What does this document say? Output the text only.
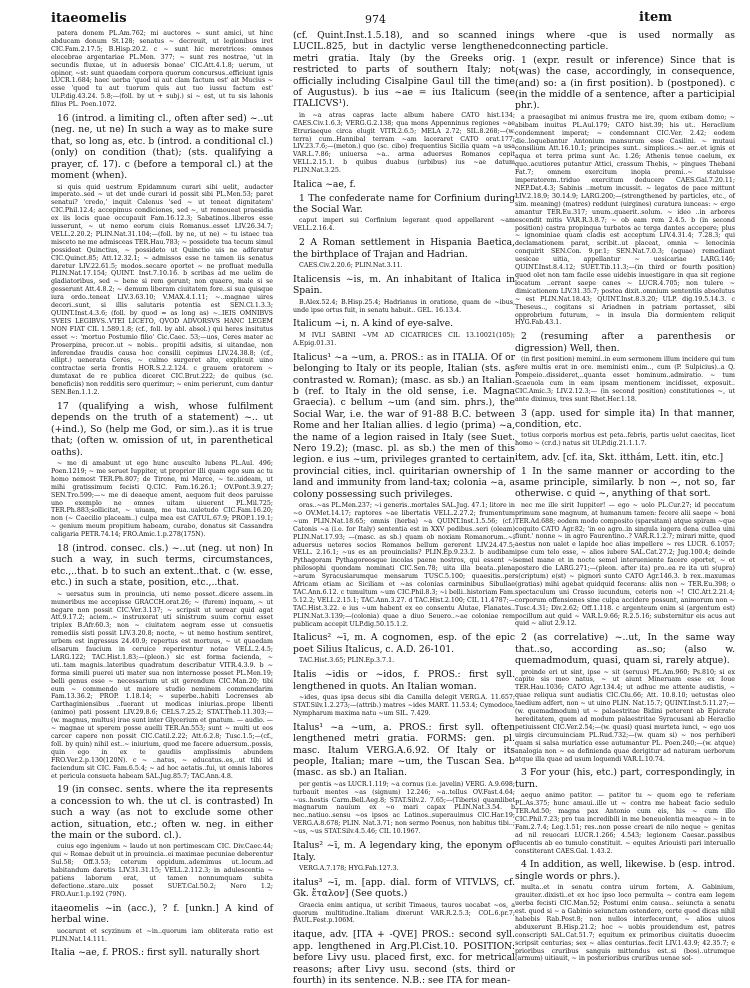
itaeomelis	974	item

patera donem PL.Am.762; mi auctores ~ sunt amici, ut hinc abducam donum St.128; senatus ~ decreuit, ut legionibus iret CIC.Fam.2.17.5; B.Hisp.20.2. c ~ sunt hic meretrices: omnes elecebrae argentariae PL.Men. 377; ~ sunt res nostrae, 'ut in secundis fluxae, ut in aduersis bonae' CIC.Att.4.1.8; uerum, ut opinor, ~st: sunt quaedam corpora quorum concursus..efficiunt ignis LUCR.1.684; haec uerba 'quod ui aut clam factum est' ait Mucius ~ esse 'quod tu aut tuorum quis aut tuo iussu factum est' ULP.dig.43.24. 5.8;—(foll. by ut + subj.) si ~ est, ut tu sis lahonis filius PL. Poen.1072.

16 (introd. a limiting cl., often after sed) ~..ut (neg. ne, ut ne) In such a way as to make sure that, so long as, etc. b (introd. a conditional cl.) (only) on condition (that); (sts. qualifying a prayer, cf. 17). c (before a temporal cl.) at the moment (when).

si quis quid uestrum Epidamnum curari sibi uelit, audacter imperato..sed ~ ut det unde curari id possit sibi PL.Men.53; paret senatui? 'credo,' inquit Calenus 'sed ~ ut teneat dignitatem' CIC.Phil.12.4; accepimus condiciones, sed ~, ut remoueat praesidia ex iis locis quae occupauit Fam.16.12.3; Sabatinos..liberos esse iusserunt, ~ ut nemo eorum ciuis Romanus..esset LIV.26.34.7; VELL.2.20.2; PLIN.Nat.31.104;—(foll. by ne, ut ne) ~ tu istaec tua misceto ne me admisceas TER.Hau.783; ~ possidete tua tecum simul possideat Quinctius, ~ possideto ut Quinctio uis ne adferatur CIC.Quinct.85; Att.12.32.1; ~ admissos esse ne tamen iis senatus daretur LIV.22.61.5; modos..secare oportet ~ ne profluat medulla PLIN.Nat.17.154; QUINT. Inst.7.10.16. b scribas ad me uelim de gladiatoribus, sed ~ bene si rem gerunt; non quaero, male si se gesserunt Att.4.8.2; ~ demum liberam ciuitatem fore..si sua quisque iura ordo..teneat LIV.3.63.10; V.MAX.4.1.11; ~..magnae uires decori..sunt, si illis salutaris potentia est SEN.Cl.1.3.3; QUINT.Inst.4.3.6; (foll. by quod = as long as) ~..IEIS OMNIBVS SVEIS LEGIBVS..VTEI LICETO, QVOD ADVORSVS HANC LEGEM NON FIAT CIL 1.589.1.8; (cf., foll. by abl. absol.) qui heres insitutus esset ~: 'mortuo Postumio filio' Cic.Caec. 53;—uos, Ceres mater ac Proserpina, precor..ut ~ nobis.. propitii adsitis, si uitandae, non inferendae fraudis causa hoc consilii cepimus LIV.24.38.8; (cf., ellipt.) uenerata Ceres, ~ culmo surgeret alto, explicuit uino contractae seria frontis HOR.S.2.2.124. c grauem oratorem ~ dumtaxat de re publica diceret CIC.Brut.222; de quibus (sc. beneficiis) non redditis sero querimur; ~ enim perierunt, cum dantur SEN.Ben.1.1.2.

17 (qualifying a wish, whose fulfilment depends on the truth of a statement) ~.. ut (+ind.), So (help me God, or sim.)..as it is true that; (often w. omission of ut, in parenthetical oaths).

~ me di amabunt ut ego hunc ausculto lubens PL.Aul. 496; Poen.1219; ~ me seruet Iuppiter, ut proprior illi quam ego sum ac tu homo nemost TER.Ph.807; de Tirone, mi Marce, ~ te..uideam, ut mihi gratissimum fecisti Q.CIC. Fam.16.26.1; OV.Pont.3.9.27; SEN.Tro.599;—~ me di deaeque ament, aequom fuit deos paruisse uno exemplo ne omnes uitam uiuerent PL.Mil.725; TER.Ph.883;sollicitat, ~ uiuam, me tua..ualetudo CIC.Fam.16.20; non (~ Caecilio placeam..) culpa mea est CATUL.67.9; PROP.1.19.1; ~ genium meum propitium habeam, curabo, donatus sit Cassandra caligaria PETR.74.14; FRO.Amic.1.p.278(175N).

18 (introd. consec. cls.) ~..ut (neg. ut non) In such a way, in such terms, circumstances, etc.,..that. b to such an extent..that. c (w. esse, etc.) in such a state, position, etc.,..that.

~ uersatus sum in prouincia, uti nemo posset..dicere assem..in muneribus me accepisse GRACCH.orat.26; ~ (furem) inquam, ~ ut negare non possit CIC.Ver.3.137; ~ scripsit ut uerear quid agat Att.9.17.2; aciem..~ instruxerat uti sinistrum suum cornu esset triplex B.Afr.60.3; non ~ ciuitatem aegram esse ut consuetis remediis sisti possit LIV.3.20.8; nocte, ~ ut nemo hostium sentiret, urbem est ingressus 24.40.9; repertus est mortuus, ~ ut quaedam elisarum faucium in ceruice reperirentur notae VELL.2.4.5; LARG.122; TAC.Hist.1.83;—(pleon.) sic est forma facienda, ~ uti..tam magnis..lateribus quadratum describatur VITR.4.3.9. b ~ forma simili puerei uti mater sua non internosse posset PL.Men.19; belli genus esse ~ necessarium ut sit gerendum CIC.Man.20; tibi eum ~ commendo ut maiore studio neminem commendarim Fam.13.36.2; PROP. 1.18.14; ~ superbe..habiti Locrenses ab Carthaginiensibus ..fuerant ut modicas iniurias..prope libenti (animo) pati possent LIV.29.8.6; CELS.7.25.2; STAT.Theb.11.303;—(w. magnus, multus) irae sunt inter Glycerium et gnatum. — audio. — ~ magnae ut sperem posse auelli TER.An.553; sunt ~ multi ut eos carcer capere non possit CIC.Catil.2.22; Att.6.2.8; Tusc.1.5;—(cf., foll. by quin) nihil est..~ iniurium, quod me facere aduersum..possis, quin ego in ex te gaudiis amplissimis abundem FRO.Ver.2.p.130(120N). c ~ ..natus, ~ educatus..es,..ut tibi id faciendum sit CIC. Fam.6.5.4; ~ ad hoc aetatis..fui, ut omnis labores et pericula consueta habeam SAL.Jug.85.7; TAC.Ann.4.8.

19 (in consec. sents. where the ita represents a concession to wh. the ut cl. is contrasted) In such a way (as not to exclude some other action, situation, etc.; often w. neg. in either the main or the subord. cl.).

cuius ego ingenium ~ laudo ut non pertimescam CIC. Div.Caec.44; qui ~ Romae debuit ut in prouincia..ei maximae pecuniae deberentur Sul.58; Off.3.53; ceterum oppidum..ademimus ut..locum..ad habitandum daretis LIV.31.31.15; VELL.2.112.3; in adulescentia ~ patiens laborum erat, ut tamen nonnumquam subita defectione..stare..uix posset SUET.Cal.50.2; Nero 1.2; FRO.Aur.1.p.192 (79N).

itaeomelis ~in (acc.), ? f. [unkn.] A kind of herbal wine.

uocarunt et scyzinum et ~in..quorum iam obliterata ratio est PLIN.Nat.14.111.

Italia ~ae, f. PROS.: first syll. naturally short

(cf. Quint.Inst.1.5.18), and so scanned in LUCIL.825, but in dactylic verse lengthened metri gratia. Italy (by the Greeks orig. restricted to parts of southern Italy; not officially including Cisalpine Gaul till the time of Augustus). b ius ~ae = ius Italicum (see ITALICVS¹).

in ~a atras capras lacte album habere CATO hist.134; CAES.Civ.1.6.3; VERG.G.2.138; qua mons Appenninus regiones ~ae Etruriaeque circa elugit VITR.2.6.5; MELA 2.72; SIL.8.268;—(w. terra) cum..Hannibal terram ~am laceraret CATO orat.177; LIV.23.7.6;—(meton.) quo (sc. cibo) frequentius Sicilia quam ~a usa VAR.L.7.86; uniuersa ~a.. arma aduersus Romanos cepit VELL.2.15.1. b quibus duabus (urbibus) ius ~ae datum PLIN.Nat.3.25.

Italica ~ae, f.

1 The confederate name for Corfinium during the Social War.

caput imperi sui Corfinium legerant quod appellarent ~am VELL.2.16.4.

2 A Roman settlement in Hispania Baetica, the birthplace of Trajan and Hadrian.

CAES.Civ.2.20.6; PLIN.Nat.3.11.

Italicensis ~is, m. An inhabitant of Italica in Spain.

B.Alex.52.4; B.Hisp.25.4; Hadrianus in oratione, quam de ~ibus, unde ipse ortus fuit, in senatu habuit.. GEL. 16.13.4.

Italicum ~i, n. A kind of eye-salve.

M IVLI SABINI ~VM AD CICATRICES CIL 13.10021(105); A.Epig.01.31.

Italicus¹ ~a ~um, a. PROS.: as in ITALIA. Of or belonging to Italy or its people, Italian (sts. as contrasted w. Roman); (masc. as sb.) an Italian. b (ref. to Italy in the old sense, i.e. Magna Graecia). c bellum ~um (and sim. phrs.), the Social War, i.e. the war of 91-88 B.C. between Rome and her Italian allies. d legio (prima) ~a, the name of a legion raised in Italy (see Suet. Nero 19.2); (masc. pl. as sb.) the men of this legion. e ius ~um, privileges granted to certain provincial cities, incl. quiritarian ownership of land and immunity from land-tax; colonia ~a, a colony possessing such privileges.

oras..~as PL.Men.237; ~i generis..mortales SAL.Jug. 47.1; litore in ~o OV.Met.14.17; raptores ~ae libertatis VELL.2.27.2; frumentum ~um PLIN.Nat.18.65; omnis (herba) ~a QUINT.Inst.1.5.56; (cf.) Catonis ~a (i.e. for Italy) sententia est in XXV pedibus..seri (oleam) PLIN.Nat.17.93; —(masc. as sb.) quam ob noxiam Romanorum..~i aduersus ueteres socios Romanos bellum gererent LIV.24.47.5; VELL. 2.16.1; ~us es an prouincialis? PLIN.Ep.9.23.2. b audibam Pythagoram Pythagoreosque incolas paene nostros, qui essent ~i philosophi quondam nominati CIC.Sen.78; uita illa beata..plena ~arum Syracusiarumque mensarum TUSC.5.100; quaesitis..per Africam etiam ac Siciliam et ~as colonias carminibus Sibullae TAC.Ann.6.12. c tumultum ~um CIC.Phil.8.3; ~i belli..historiam Fam. 5.12.2; VELL.2.15.1; TAC.Ann.3.27. d TAC.Hist.2.100; CIL 11.4787;—TAC.Hist.3.22. e ius ~um habent ex eo consentu Alutae, Flanates.. PLIN.Nat.3.139;—(colonia) quae a diuo Seuero..~ae coloniae rem publicam accepit ULP.dig.50.15.1.2.

Italicus² ~ī, m. A cognomen, esp. of the epic poet Silius Italicus, c. A.D. 26-101.

TAC.Hist.3.65; PLIN.Ep.3.7.1.

Italis ~idis or ~idos, f. PROS.: first syll. lengthened in quots. An Italian woman.

~ides, quas ipsa decus sibi dia Camilla delegit VERG.A. 11.657; STAT.Silv.1.2.273;—(attrib.) matres ~ides MART. 11.53.4; Cymodoce, Nympharum maxima natu ~um SIL. 7.429.

Italus¹ ~a ~um, a. PROS.: first syll. often lengthened metri gratia. FORMS: gen. pl. masc. Italum VERG.A.6.92. Of Italy or its people, Italian; mare ~um, the Tuscan Sea. b (masc. as sb.) an Italian.

per gentis ~as LUCR.1.119; ~a cornus (i.e. javelin) VERG. A.9.698; turbauit mentes ~as (signum) 12.246; ~a..tellus OV.Fast.4.64; ~us..hostis Carm.Bell.Aeg.8; STAT.Silv.2. 7.65;—(Tiberis) quamlibet magnarum nauium ex ~o mari capax PLIN.Nat.3.54. b nec..natiuo..sensu ~os ipsos ac Latinos..superauimus CIC.Har.19; VERG.A.8.678; PLIN. Nat.3.71; non sermo Poenus, non habitus tibi..; ~us, ~us STAT.Silv.4.5.46; CIL 10.1967.

Italus² ~ī, m. A legendary king, the eponym of Italy.

VERG.A.7.178; HYG.Fab.127.3.

italus³ ~ī, m. [app. dial. form of VITVLVS, cf. Gk. ἔταλον] (See quots.)

Graecia enim antiqua, ut scribit Timaeus, tauros uocabat ~os, a quorum multitudine..Italiam dixerunt VAR.R.2.5.3; COL.6.pr.7; PAUL.Fest.p.106M.

itaque, adv. [ITA + -QVE] PROS.: second syll. app. lengthened in Arg.Pl.Cist.10. POSITION: before Livy usu. placed first, exc. for metrical reasons; after Livy usu. second (sts. third or fourth) in its sentence. N.B.: see ITA for mean-

ings where -que is used normally as connecting particle.

1 (expr. result or inference) Since that is (was) the case, accordingly, in consequence, (and) so: a (in first position). b (postponed). c (in the middle of a sentence, after a participial phr.).

a praesagibat mi animus frustra me ire, quom exibam domo; ~ abibam inuitus PL.Aul.179; CATO hist.39; his ut.. Heraclium condemnent imperat; ~ condemnant CIC.Ver. 2.42; eodem die..loquebantur Antonium mansurum esse Casilini. ~ mutaui consilium Att.16.10.1; principes sunt.. simplices..~ aer..et ignis et aqua et terra prima sunt Ac. 1.26; Athenis tenue caelum, ex quo..acutiores putantur Attici, crassum Thebis, ~ pingues Thebani Fat.7; omnem exercitum inopia premi..~ statuisse imperatorem..triduo exercitum deducere CAES.Gal.7.20.11; NEP.Dat.4.3; Sabinis ..metum incussit. ~ legatos de pace mittunt LIV.2.18.9; 30.14.9; LARG.200;—(strengthened by particles, etc., of sim. meaning) (matres) reddunt (uirgines) curatura iunceas: ~ ergo amantur TER.Eu.317; unum..quaerit..solum. ~ ideo ..in arbores escendit mitis VAR.R.3.8.7; ~ ob eam rem 2.4.5. b (in second position) castra propinqua turbatos ac terga dantes accepere; plus ~ ignominiae quam cladis est acceptum LIV.4.31.4; 7.28.3; qui declamationem parat, scribit..ut placeat, omnia ~ lenocinia conquirit SEN.Con. 9.pr.1; SEN.Nat.7.0.3; (aquae) remediant uesicae uitia, appellantur ~ uesicariae LARG.146; QUINT.Inst.8.4.12; SUET.Tib.11.3;—(in third or fourth position) quod olet non tam facile esse uidebis inuestigare in qua sit regione locatum ..errant saepe canes ~ LUCR.4.705; non tulere ~ dimicationem LIV.31.35.7; postea dixit..omnium sententiis absolutus ~ est PLIN.Nat.18.43; QUINT.Inst.8.3.20; ULP. dig.19.5.14.3. c Theseus.., cogitans si Ariadnen in patriam portasset, sibi opprobrium futurum, ~ in insula Dia dormientem reliquit HYG.Fab.43.1.

2 (resuming after a parenthesis or digression) Well, then.

(in first position) meminí..in eum sermonem illum incidere qui tum fere multis erat in ore. meministi enim.., cum (P. Sulpicius)..a Q. Pompeio..dissideret,..quanta esset hominum..admiratio. ~ tum Scaeuola cum in eam ipsam mentionem incidisset, exposuit.. CIC.Amic.3; LIV.2.12.3;— (in second position) constitutiones ~, ut ante diximus, tres sunt Rhet.Her.1.18.

3 (app. used for simple ita) In that manner, condition, etc.

totius corporis morbus est peta..febris, partis uelut caecitas, licet homo ~ (cr.d.) natus sit ULP.dig.21.1.1.7.

item, adv. [cf. ita, Skt. itthám, Lett. itin, etc.]

1 In the same manner or according to the same principle, similarly. b non ~, not so, far otherwise. c quid ~, anything of that sort.

nec me ille sirit Iuppiter! — ego ~ uolo PL.Cur.27; id peccatum primum sane magnum, at humanum tamen: fecere alii saepe ~ boni TER.Ad.688; eodem modo composito (sparsitam) atque spiram ~que coquito CATO Agr.82; 'in eo agro..in singula iugera dena cullea uini fiunt.' nonne ~ in agro Faurentino..? VAR.R.1.2.7; mirari mitte, quod aestus non ualet e lapide hoc alias impellere ~ res LUCR. 6.1057; ipse cum telo esse, ~ alios iubere SAL.Cat.27.2; Jug.100.4; deinde semel mane et in nocte semel interueniente facere oportet, ~ et postero die LARG.271;—(pleon. after ita) pro..ea re ita uti s(upra) s(criptum) e(st) ~ pignori sunto CATO Agr.146.3. b rex..maxumas (gratias) mihi agebat quidquid fecerans: aliis non ~ TER.Eu.398; o spectaculum uni Crasso iucundum, ceteris non ~! CIC.Att.2.21.4; corporum offensiones sine culpa accidere possunt, animorum non ~ Tusc.4.31; Div.2.62; Off.1.118. c argenteum enim si (argentum est) pocillum aut quid ~ VAR.L.9.66; R.2.5.16; substernitur eis acus aut quid ~ aliut 2.9.12.

2 (as correlative) ~..ut, In the same way that..so, according as..so; (also w. quemadmodum, quasi, quam si, rarely atque).

proinde eri ut sint, ipse ~ sit (seruus) PL.Am.960; Ps.810; si ex capite sis meo natus, ~ ut aiunt Mineruam esse ex Ioue TER.Hau.1036; CATO Agr.134.4; ut adhuc me attente audistis, ~ quae reliqua sunt audiatis CIC.Clu.66; Att. 10.8.10; uetustas oleo taedium adfert, non ~ ut uino PLIN. Nat.15.7; QUINT.Inst.5.11.27;—(w. quemadmodum) ut ~ palaestritae Bidini peterent ab Epicrate hereditatem, quem ad modum palaestritae Syracusani ab Heraclio petiuissent CIC.Ver.2.54;—(w. quasi) quasi murteta iunci, ~ ego uos uirgis circumuinciam PL.Rud.732;—(w. quam si) ~ nos perhiberi quam si salsa muriatica esse autumantur PL. Poen.240;—(w. atque) analogia non ~ ea definienda quae derigitur ad naturam uerborum atque illa quae ad usum loquendi VAR.L.10.74.

3 For your (his, etc.) part, correspondingly, in turn.

aequo animo patitor. — patitor tu ~ quom ego te referiam PL.As.375; hunc amaui..ille ut ~ contra me habeat facio sedulo TER.Ad.50; magna pax Antonio cum eis, his ~ cum illo CIC.Phil.7.23; pro tua incredibili in me beneuolentia meaque ~ in te Fam.2.7.4; Leg.1.51; res..non posse creari de nilo neque ~ genitas ad nil reuocari LUCR.1.266; 4.543; legionem Caesar..passibus ducentis ab eo tumulo constituit. ~ equites Ariouisti pari interuallo constiterant CAES.Gal. 1.43.2.

4 In addition, as well, likewise. b (esp. introd. single words or phrs.).

multa..et in senatu contra uirum fortem, A. Gabinium, grauiter..dixisti..et ex hoc ipso loco permulta ~ contra eam legem uerba fecisti CIC.Man.52; Postumi enim causa.. seiuncta a senatu est. quod si ~ a Gabinio seiunctam ostendero, certe quod dicas nihil habebis Rab.Post.8; non nullos interfecerunt, ~ alios uiuos abduxerunt B.Hisp.21.2; hoc ~ uobis prouidendum est, patres conscripti SAL.Cat.51.7; equitum ex primoribus ciuitatis duoecim scripsit centurias; sex ~ alias centurias..fecit LIV.1.43.9; 42.35.7; e prioribus cruribus sanguis mittendus est..si (bos)..utrumque (armum) uitiauit, ~ in posterioribus cruribus uenae sol-
